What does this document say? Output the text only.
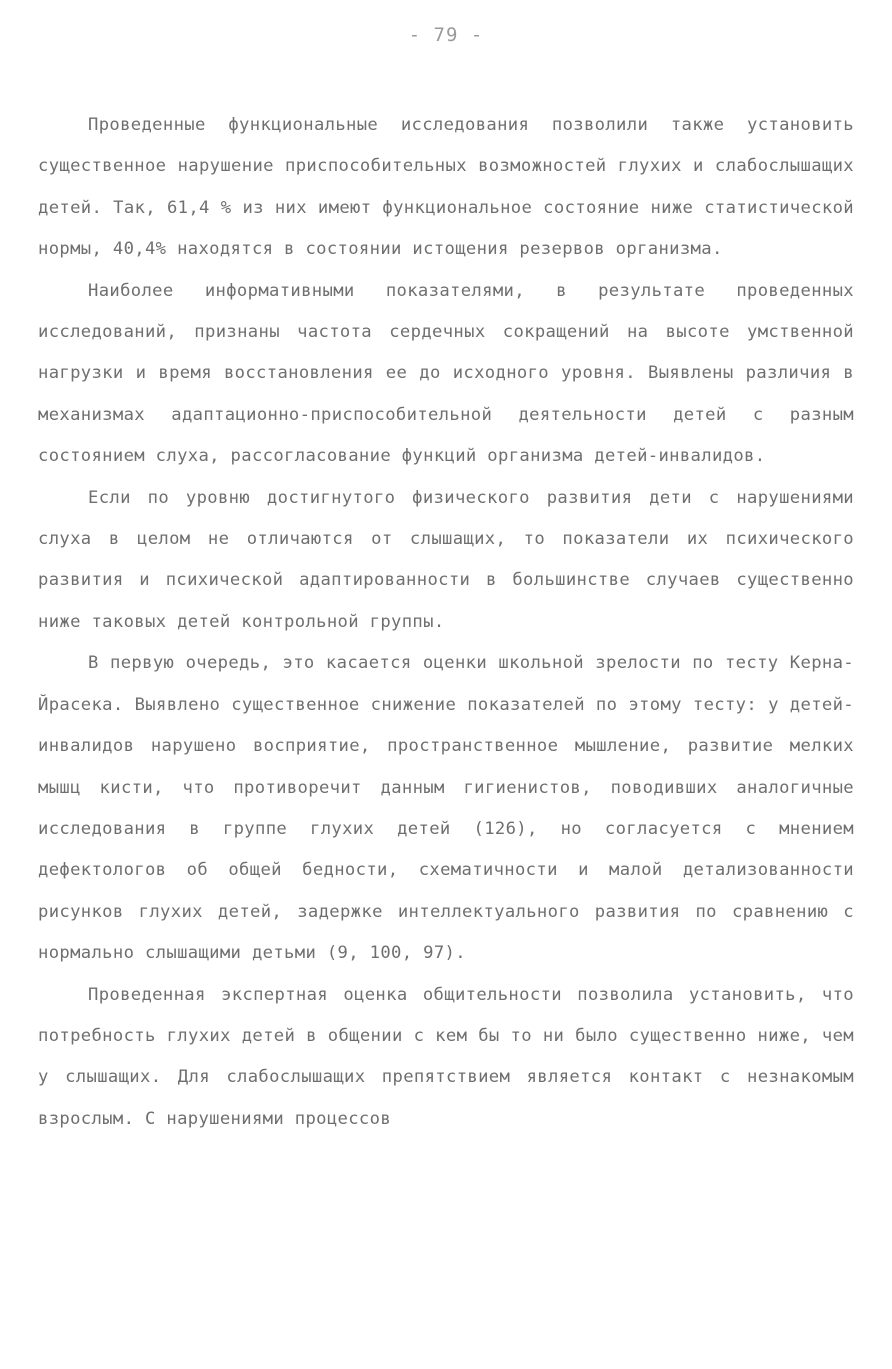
- 79 -

Проведенные функциональные исследования позволили также установить существенное нарушение приспособительных возможностей глухих и слабослышащих детей. Так, 61,4 % из них имеют функциональное состояние ниже статистической нормы, 40,4% находятся в состоянии истощения резервов организма.

Наиболее информативными показателями, в результате проведенных исследований, признаны частота сердечных сокращений на высоте умственной нагрузки и время восстановления ее до исходного уровня. Выявлены различия в механизмах адаптационно-приспособительной деятельности детей с разным состоянием слуха, рассогласование функций организма детей-инвалидов.

Если по уровню достигнутого физического развития дети с нарушениями слуха в целом не отличаются от слышащих, то показатели их психического развития и психической адаптированности в большинстве случаев существенно ниже таковых детей контрольной группы.

В первую очередь, это касается оценки школьной зрелости по тесту Керна-Йрасека. Выявлено существенное снижение показателей по этому тесту: у детей-инвалидов нарушено восприятие, пространственное мышление, развитие мелких мышц кисти, что противоречит данным гигиенистов, поводивших аналогичные исследования в группе глухих детей (126), но согласуется с мнением дефектологов об общей бедности, схематичности и малой детализованности рисунков глухих детей, задержке интеллектуального развития по сравнению с нормально слышащими детьми (9, 100, 97).

Проведенная экспертная оценка общительности позволила установить, что потребность глухих детей в общении с кем бы то ни было существенно ниже, чем у слышащих. Для слабослышащих препятствием является контакт с незнакомым взрослым. С нарушениями процессов
